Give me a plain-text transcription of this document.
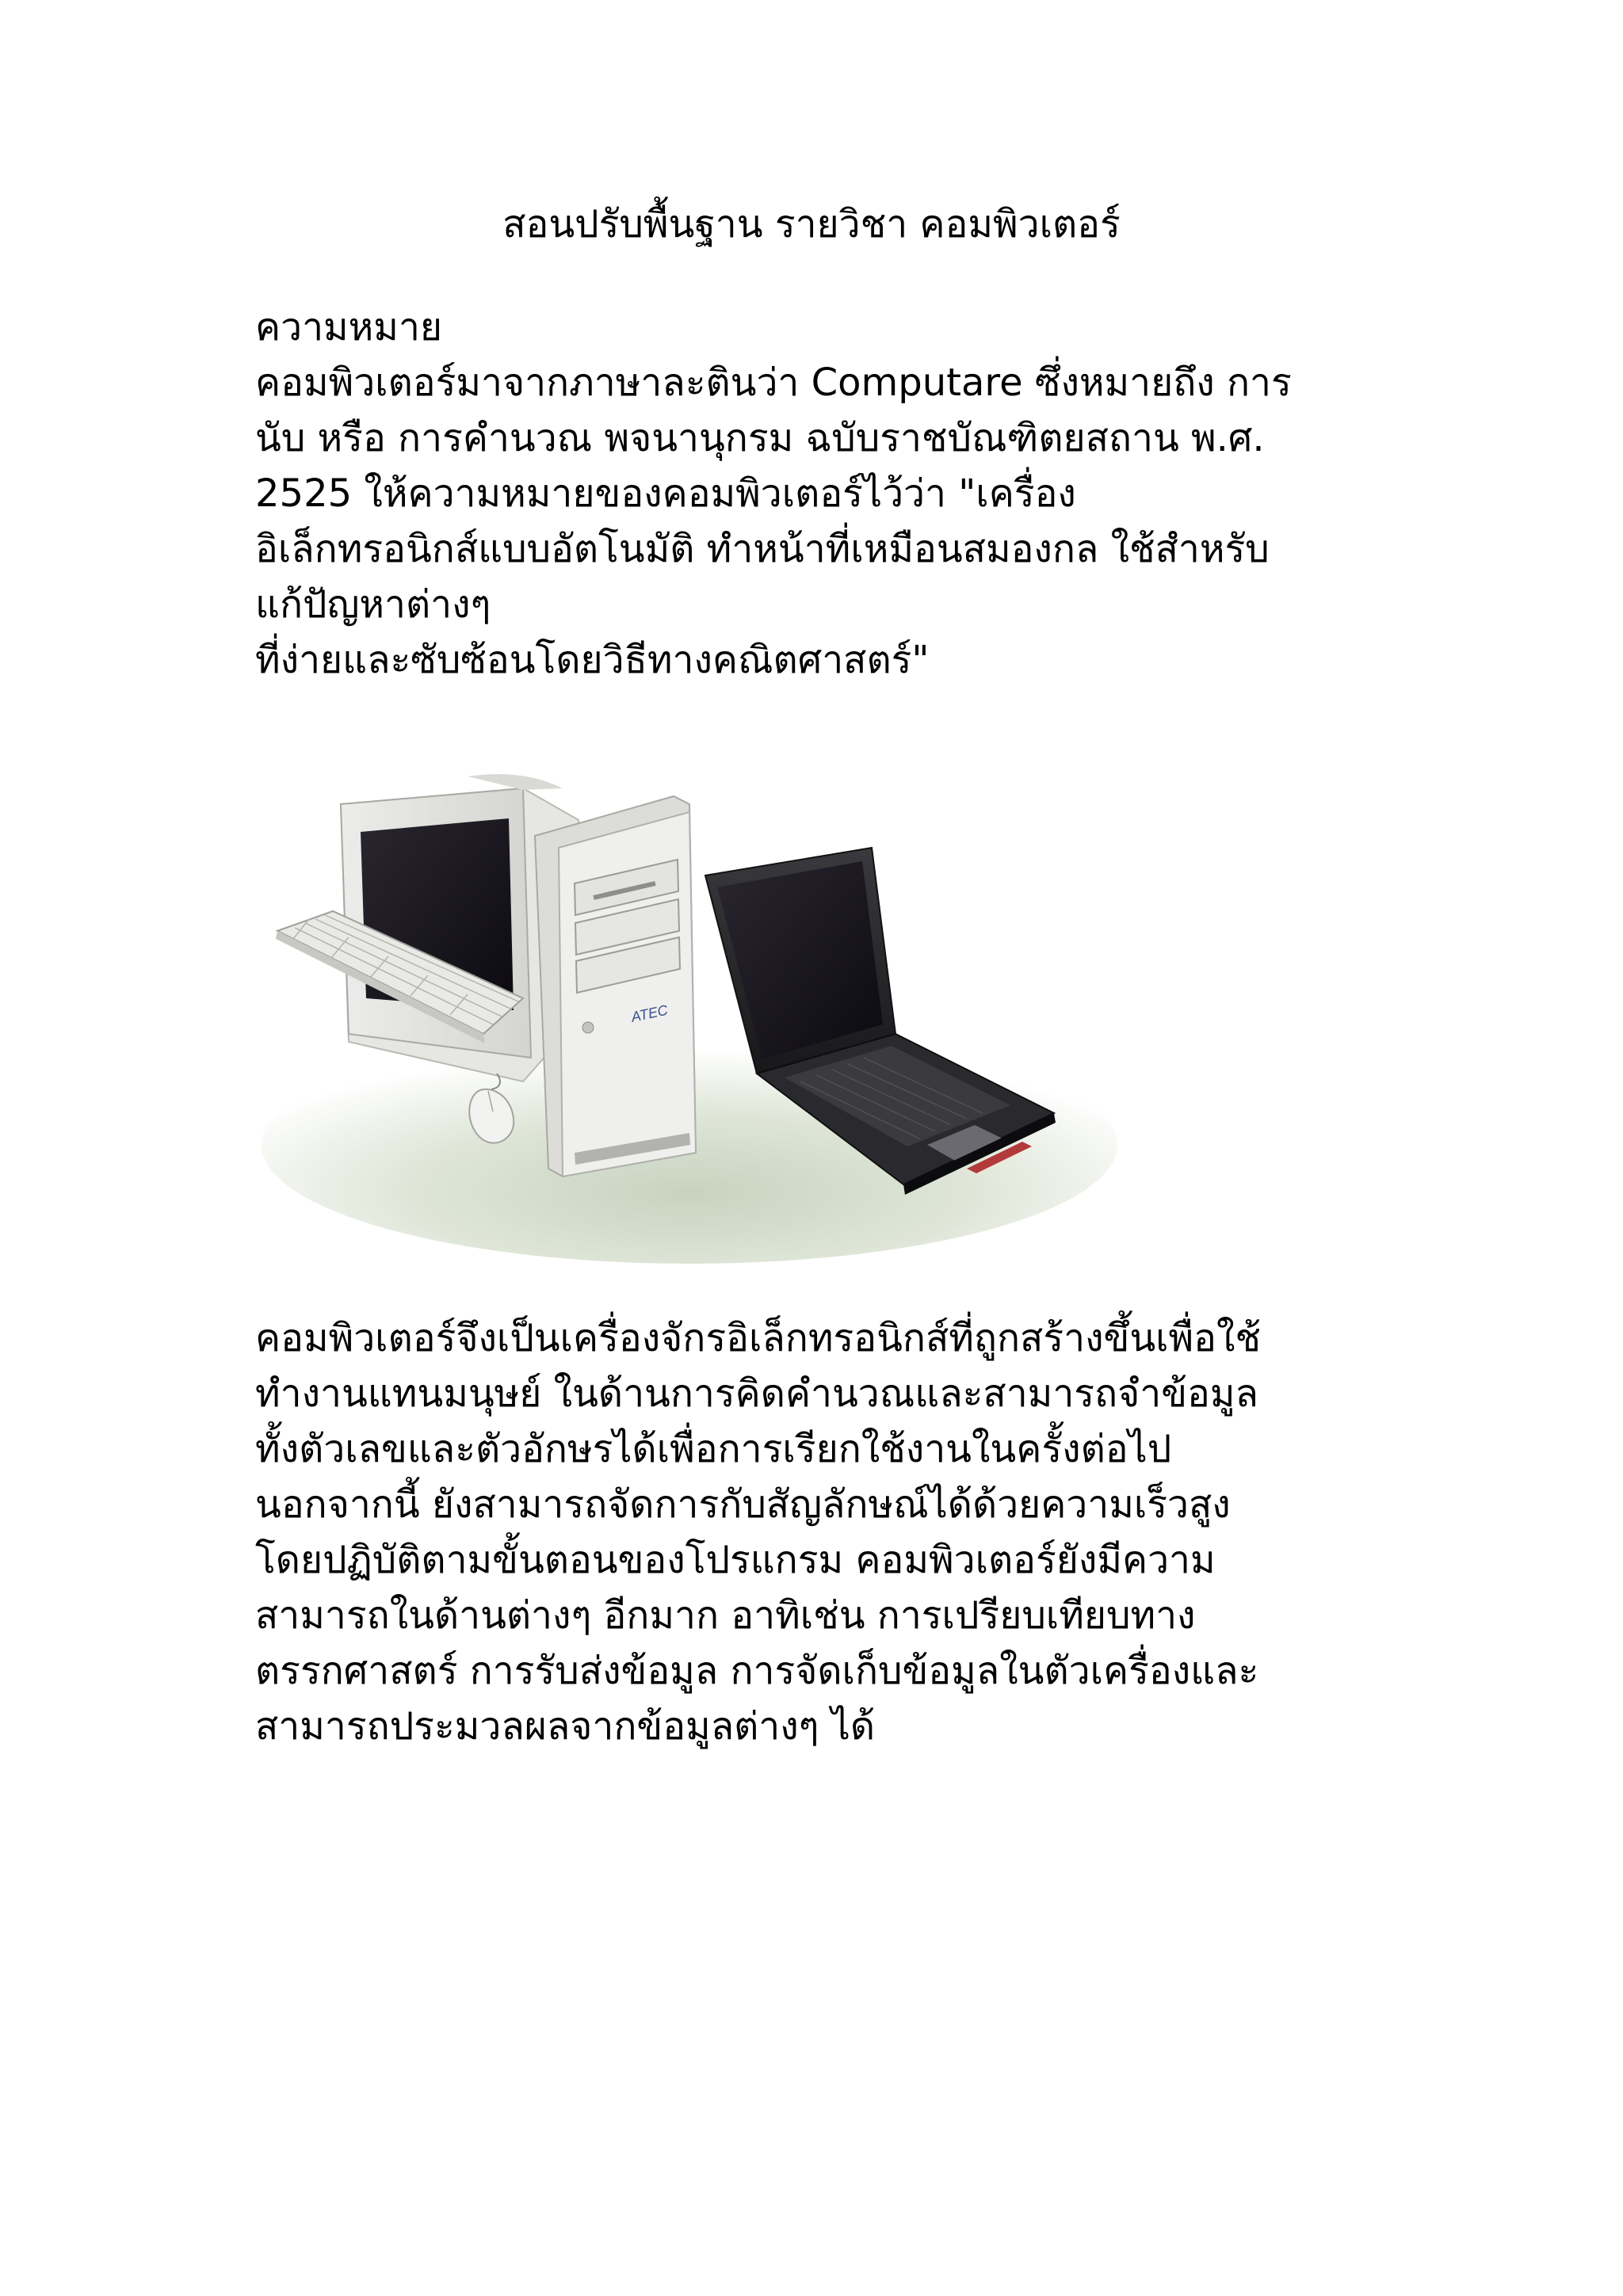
สอนปรับพื้นฐาน รายวิชา คอมพิวเตอร์
ความหมาย
คอมพิวเตอร์มาจากภาษาละตินว่า Computare ซึ่งหมายถึง การ
นับ หรือ การคำนวณ พจนานุกรม ฉบับราชบัณฑิตยสถาน พ.ศ.
2525 ให้ความหมายของคอมพิวเตอร์ไว้ว่า "เครื่อง
อิเล็กทรอนิกส์แบบอัตโนมัติ ทำหน้าที่เหมือนสมองกล ใช้สำหรับ
แก้ปัญหาต่างๆ
ที่ง่ายและซับซ้อนโดยวิธีทางคณิตศาสตร์"
ATEC
คอมพิวเตอร์จึงเป็นเครื่องจักรอิเล็กทรอนิกส์ที่ถูกสร้างขึ้นเพื่อใช้
ทำงานแทนมนุษย์ ในด้านการคิดคำนวณและสามารถจำข้อมูล
ทั้งตัวเลขและตัวอักษรได้เพื่อการเรียกใช้งานในครั้งต่อไป
นอกจากนี้ ยังสามารถจัดการกับสัญลักษณ์ได้ด้วยความเร็วสูง
โดยปฏิบัติตามขั้นตอนของโปรแกรม คอมพิวเตอร์ยังมีความ
สามารถในด้านต่างๆ อีกมาก อาทิเช่น การเปรียบเทียบทาง
ตรรกศาสตร์ การรับส่งข้อมูล การจัดเก็บข้อมูลในตัวเครื่องและ
สามารถประมวลผลจากข้อมูลต่างๆ ได้
